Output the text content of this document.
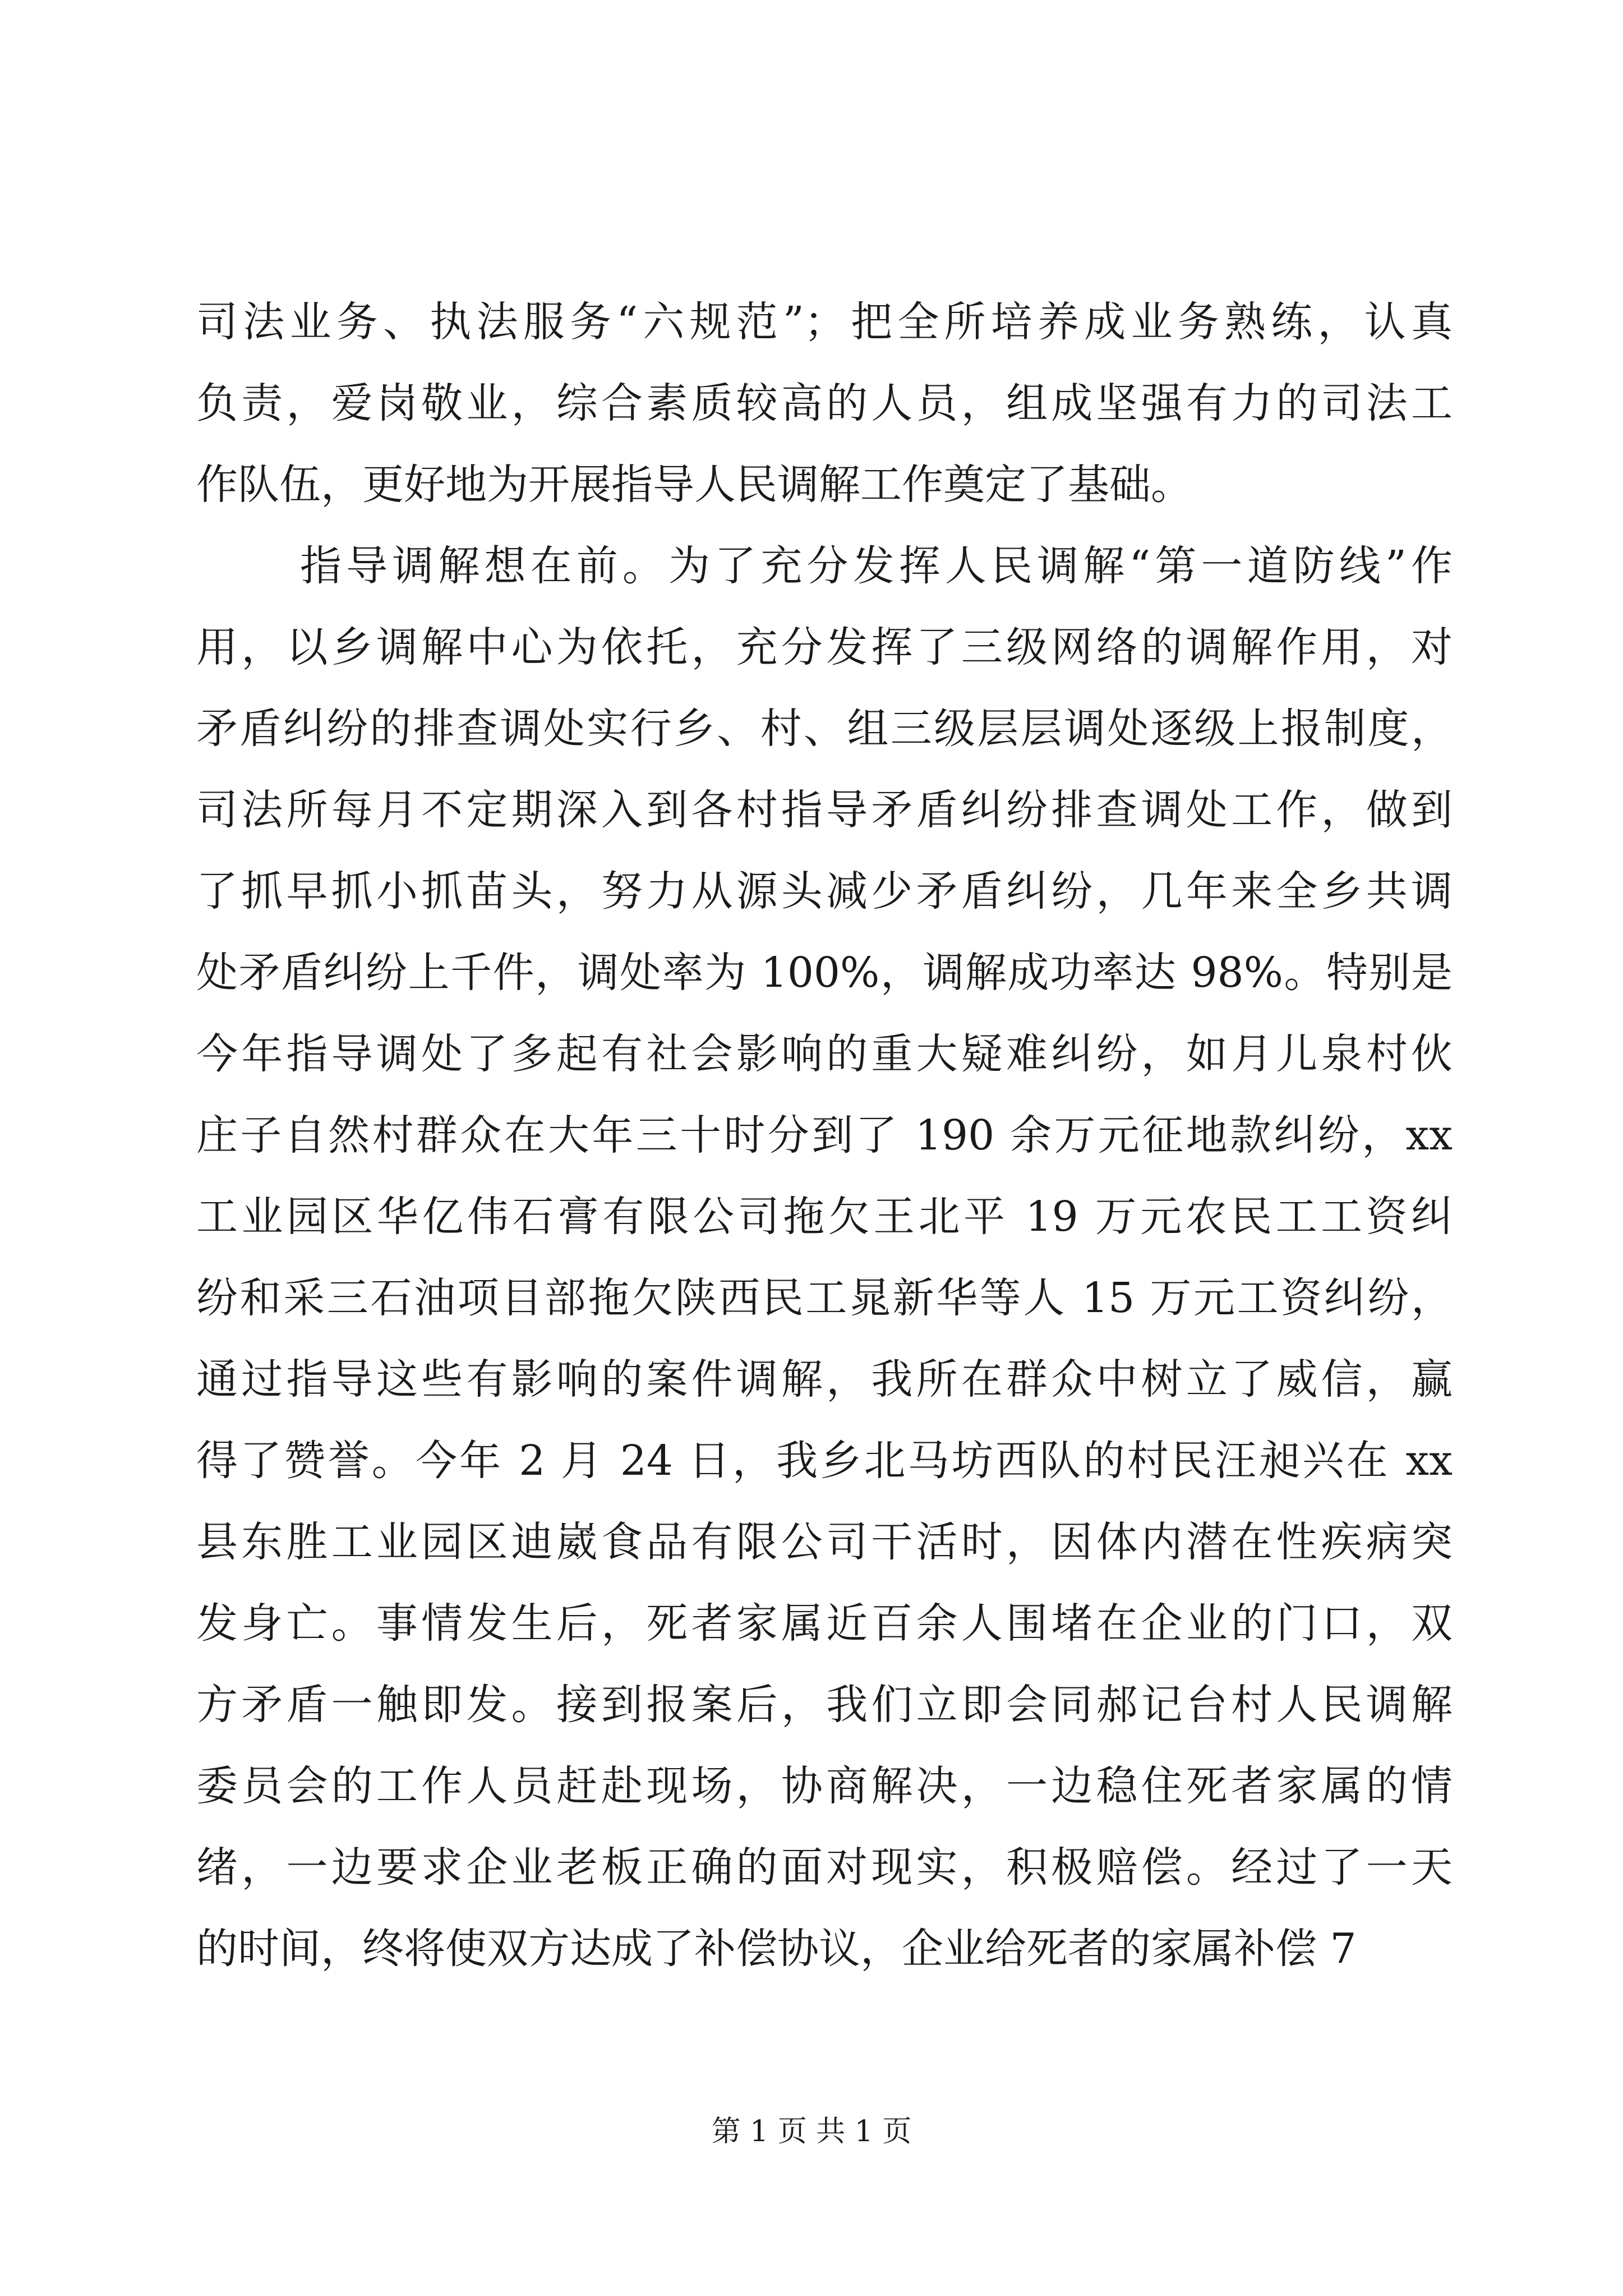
司法业务、执法服务“六规范”；把全所培养成业务熟练，认真
负责，爱岗敬业，综合素质较高的人员，组成坚强有力的司法工
作队伍，更好地为开展指导人民调解工作奠定了基础。
指导调解想在前。为了充分发挥人民调解“第一道防线”作
用，以乡调解中心为依托，充分发挥了三级网络的调解作用，对
矛盾纠纷的排查调处实行乡、村、组三级层层调处逐级上报制度，
司法所每月不定期深入到各村指导矛盾纠纷排查调处工作，做到
了抓早抓小抓苗头，努力从源头减少矛盾纠纷，几年来全乡共调
处矛盾纠纷上千件，调处率为 100%，调解成功率达 98%。特别是
今年指导调处了多起有社会影响的重大疑难纠纷，如月儿泉村伙
庄子自然村群众在大年三十时分到了 190 余万元征地款纠纷，xx
工业园区华亿伟石膏有限公司拖欠王北平 19 万元农民工工资纠
纷和采三石油项目部拖欠陕西民工晁新华等人 15 万元工资纠纷，
通过指导这些有影响的案件调解，我所在群众中树立了威信，赢
得了赞誉。今年 2 月 24 日，我乡北马坊西队的村民汪昶兴在 xx
县东胜工业园区迪崴食品有限公司干活时，因体内潜在性疾病突
发身亡。事情发生后，死者家属近百余人围堵在企业的门口，双
方矛盾一触即发。接到报案后，我们立即会同郝记台村人民调解
委员会的工作人员赶赴现场，协商解决，一边稳住死者家属的情
绪，一边要求企业老板正确的面对现实，积极赔偿。经过了一天
的时间，终将使双方达成了补偿协议，企业给死者的家属补偿 7
第 1 页 共 1 页
